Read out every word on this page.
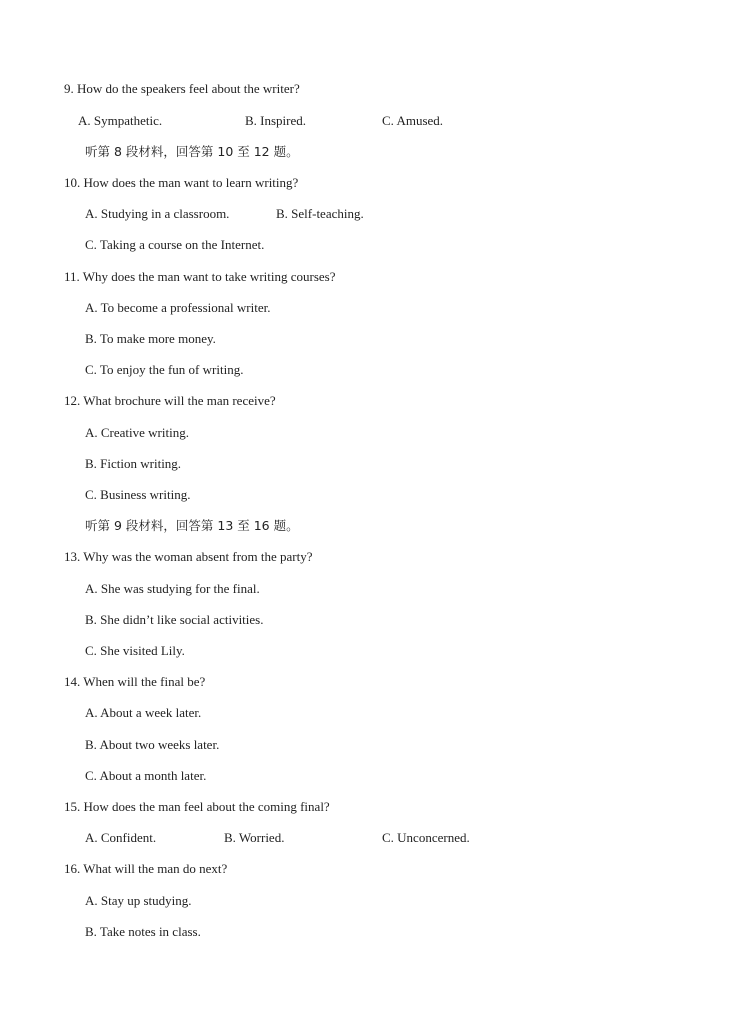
9. How do the speakers feel about the writer?
A. Sympathetic.	B. Inspired.	C. Amused.
听第 8 段材料，回答第 10 至 12 题。
10. How does the man want to learn writing?
A. Studying in a classroom.	B. Self-teaching.
C. Taking a course on the Internet.
11. Why does the man want to take writing courses?
A. To become a professional writer.
B. To make more money.
C. To enjoy the fun of writing.
12. What brochure will the man receive?
A. Creative writing.
B. Fiction writing.
C. Business writing.
听第 9 段材料，回答第 13 至 16 题。
13. Why was the woman absent from the party?
A. She was studying for the final.
B. She didn’t like social activities.
C. She visited Lily.
14. When will the final be?
A. About a week later.
B. About two weeks later.
C. About a month later.
15. How does the man feel about the coming final?
A. Confident.	B. Worried.	C. Unconcerned.
16. What will the man do next?
A. Stay up studying.
B. Take notes in class.
